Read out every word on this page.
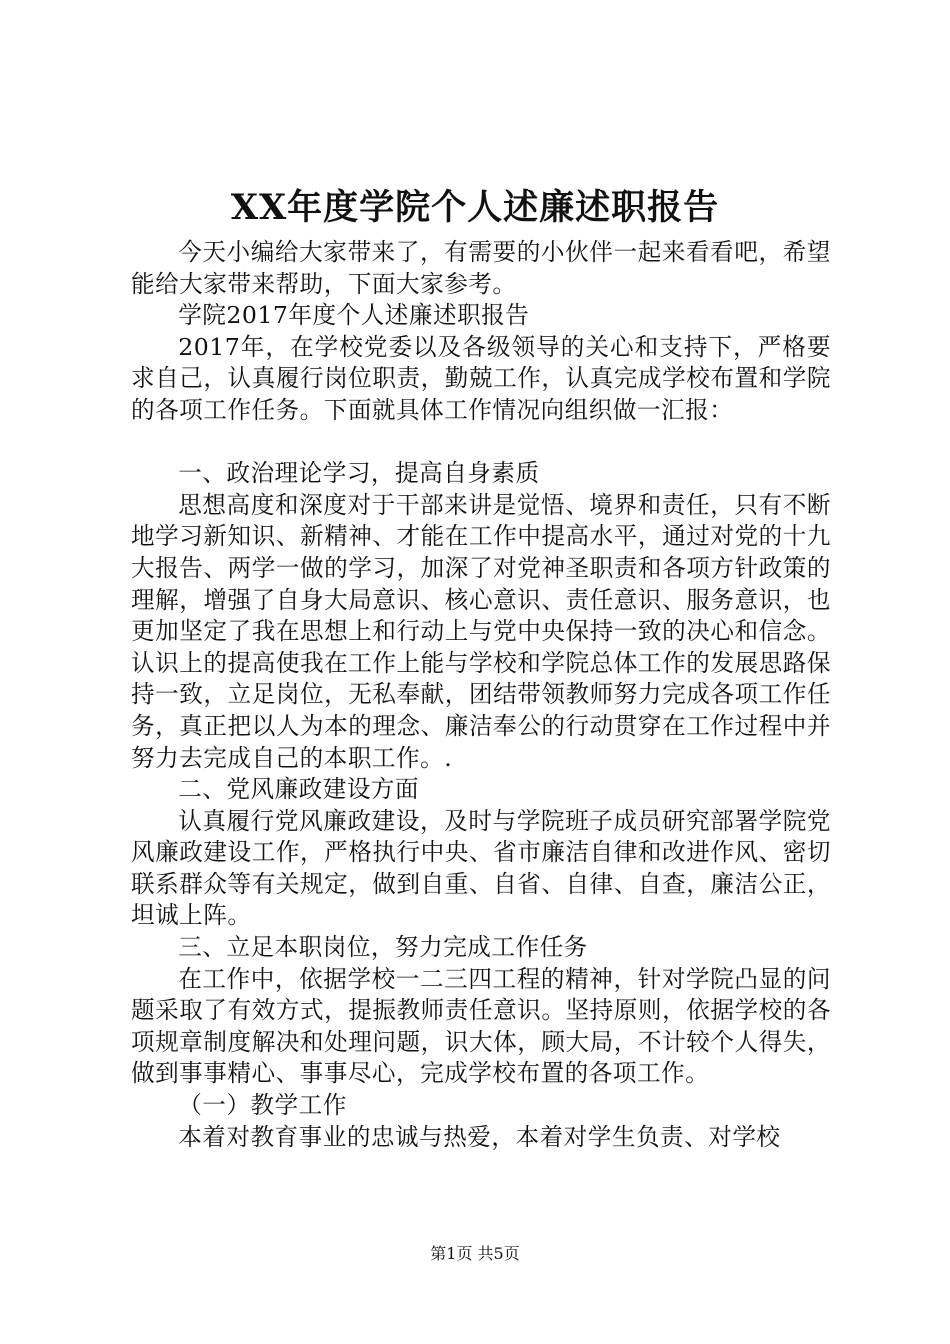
XX年度学院个人述廉述职报告

今天小编给大家带来了，有需要的小伙伴一起来看看吧，希望能给大家带来帮助，下面大家参考。

学院2017年度个人述廉述职报告

2017年，在学校党委以及各级领导的关心和支持下，严格要求自己，认真履行岗位职责，勤兢工作，认真完成学校布置和学院的各项工作任务。下面就具体工作情况向组织做一汇报：

一、政治理论学习，提高自身素质

思想高度和深度对于干部来讲是觉悟、境界和责任，只有不断地学习新知识、新精神、才能在工作中提高水平，通过对党的十九大报告、两学一做的学习，加深了对党神圣职责和各项方针政策的理解，增强了自身大局意识、核心意识、责任意识、服务意识，也更加坚定了我在思想上和行动上与党中央保持一致的决心和信念。认识上的提高使我在工作上能与学校和学院总体工作的发展思路保持一致，立足岗位，无私奉献，团结带领教师努力完成各项工作任务，真正把以人为本的理念、廉洁奉公的行动贯穿在工作过程中并努力去完成自己的本职工作。.

二、党风廉政建设方面

认真履行党风廉政建设，及时与学院班子成员研究部署学院党风廉政建设工作，严格执行中央、省市廉洁自律和改进作风、密切联系群众等有关规定，做到自重、自省、自律、自查，廉洁公正，坦诚上阵。

三、立足本职岗位，努力完成工作任务

在工作中，依据学校一二三四工程的精神，针对学院凸显的问题采取了有效方式，提振教师责任意识。坚持原则，依据学校的各项规章制度解决和处理问题，识大体，顾大局，不计较个人得失，做到事事精心、事事尽心，完成学校布置的各项工作。

（一）教学工作

本着对教育事业的忠诚与热爱，本着对学生负责、对学校

第1页 共5页
